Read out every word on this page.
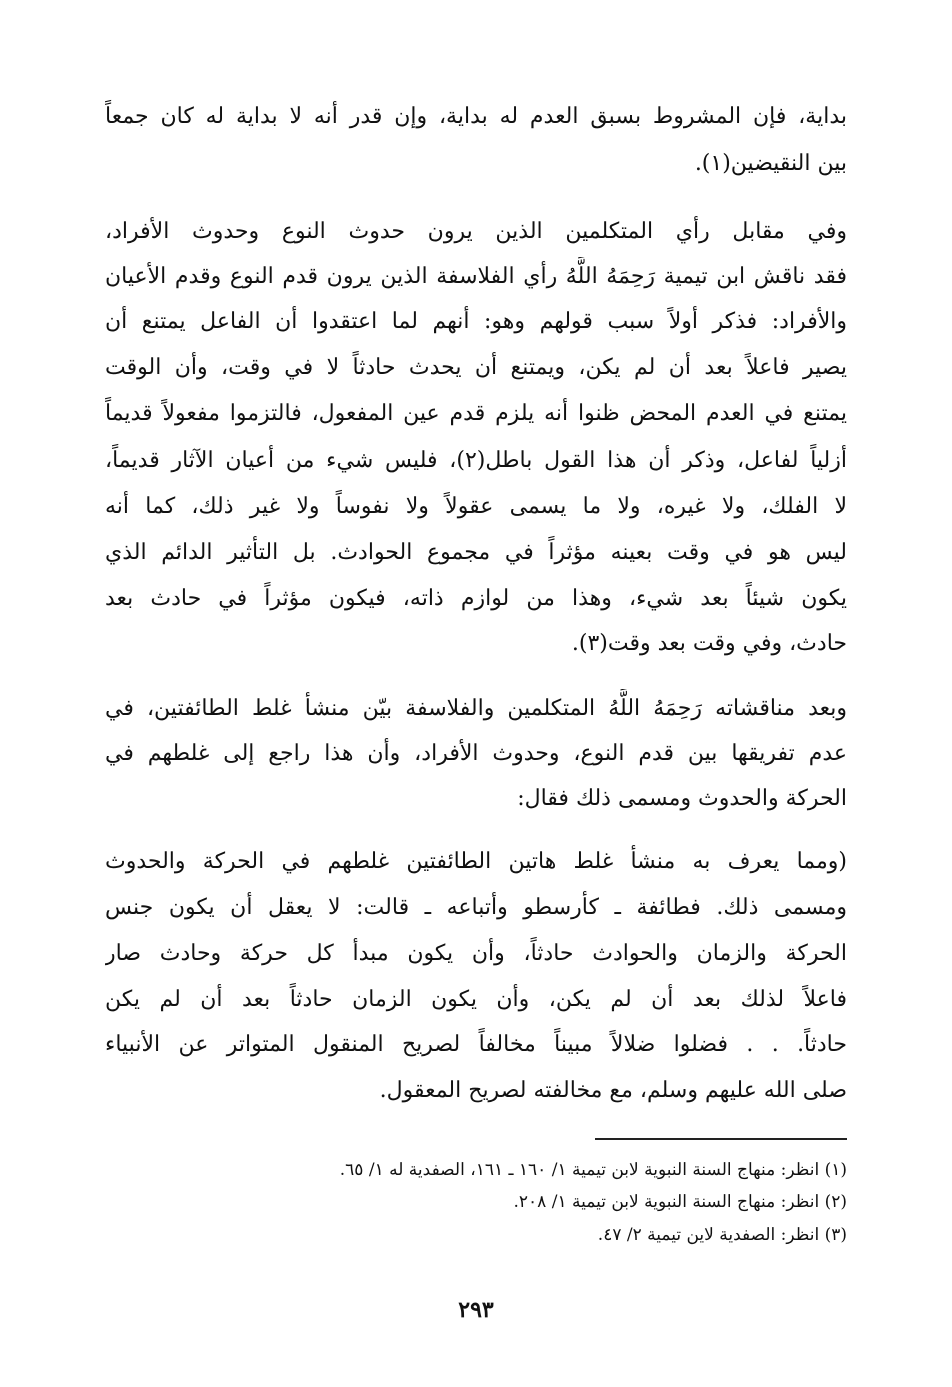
بداية، فإن المشروط بسبق العدم له بداية، وإن قدر أنه لا بداية له كان جمعاً
بين النقيضين(١).
وفي مقابل رأي المتكلمين الذين يرون حدوث النوع وحدوث الأفراد،
فقد ناقش ابن تيمية رَحِمَهُ اللَّهُ رأي الفلاسفة الذين يرون قدم النوع وقدم الأعيان
والأفراد: فذكر أولاً سبب قولهم وهو: أنهم لما اعتقدوا أن الفاعل يمتنع أن
يصير فاعلاً بعد أن لم يكن، ويمتنع أن يحدث حادثاً لا في وقت، وأن الوقت
يمتنع في العدم المحض ظنوا أنه يلزم قدم عين المفعول، فالتزموا مفعولاً قديماً
أزلياً لفاعل، وذكر أن هذا القول باطل(٢)، فليس شيء من أعيان الآثار قديماً،
لا الفلك، ولا غيره، ولا ما يسمى عقولاً ولا نفوساً ولا غير ذلك، كما أنه
ليس هو في وقت بعينه مؤثراً في مجموع الحوادث. بل التأثير الدائم الذي
يكون شيئاً بعد شيء، وهذا من لوازم ذاته، فيكون مؤثراً في حادث بعد
حادث، وفي وقت بعد وقت(٣).
وبعد مناقشاته رَحِمَهُ اللَّهُ المتكلمين والفلاسفة بيّن منشأ غلط الطائفتين، في
عدم تفريقها بين قدم النوع، وحدوث الأفراد، وأن هذا راجع إلى غلطهم في
الحركة والحدوث ومسمى ذلك فقال:
(ومما يعرف به منشأ غلط هاتين الطائفتين غلطهم في الحركة والحدوث
ومسمى ذلك. فطائفة ـ كأرسطو وأتباعه ـ قالت: لا يعقل أن يكون جنس
الحركة والزمان والحوادث حادثاً، وأن يكون مبدأ كل حركة وحادث صار
فاعلاً لذلك بعد أن لم يكن، وأن يكون الزمان حادثاً بعد أن لم يكن
حادثاً. . . فضلوا ضلالاً مبيناً مخالفاً لصريح المنقول المتواتر عن الأنبياء
صلى الله عليهم وسلم، مع مخالفته لصريح المعقول.
(١) انظر: منهاج السنة النبوية لابن تيمية ١/ ١٦٠ ـ ١٦١، الصفدية له ١/ ٦٥.
(٢) انظر: منهاج السنة النبوية لابن تيمية ١/ ٢٠٨.
(٣) انظر: الصفدية لاين تيمية ٢/ ٤٧.
٢٩٣
